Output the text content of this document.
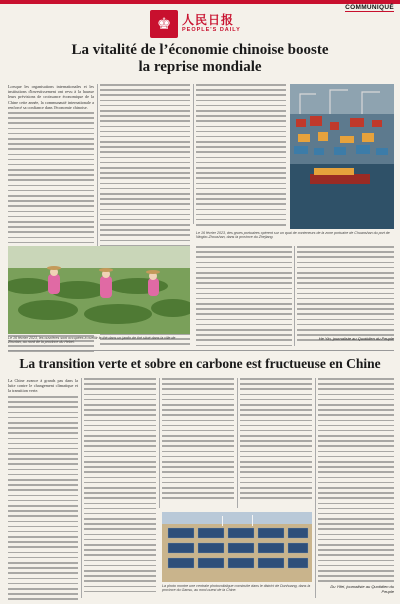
COMMUNIQUÉ
♚ 人民日报
PEOPLE'S DAILY
La vitalité de l’économie chinoise booste
la reprise mondiale
Lorsque les organisations internationales et les institutions d'investissement ont revu à la hausse leurs prévisions de croissance économique de la Chine cette année, la communauté internationale a renforcé sa confiance dans l'économie chinoise.
Le 16 février 2023, des grues portuaires opèrent sur un quai de conteneurs de la zone portuaire de Chuanshan du port de Ningbo-Zhoushan, dans la province du Zhejiang.
Le 16 février 2023, les ouvrières sont occupées à cueillir le thé dans un jardin de thé situé dans la ville de Zhuxian, au nord de la province du Hebei.
He Yin, journaliste au Quotidien du Peuple
La transition verte et sobre en carbone est fructueuse en Chine
La Chine avance à grands pas dans la lutte contre le changement climatique et la transition verte.
Du Yifei, journaliste au Quotidien du Peuple
La photo montre une centrale photovoltaïque construite dans le district de Dunhuang, dans la province du Gansu, au nord-ouest de la Chine.
